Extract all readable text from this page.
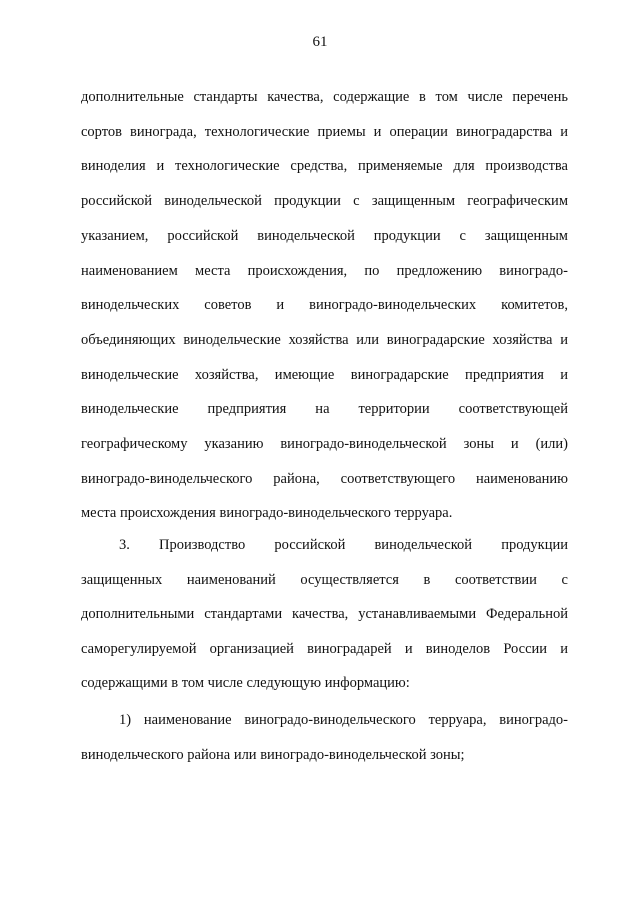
61

дополнительные стандарты качества, содержащие в том числе перечень

сортов винограда, технологические приемы и операции виноградарства и

виноделия и технологические средства, применяемые для производства

российской винодельческой продукции с защищенным географическим

указанием, российской винодельческой продукции с защищенным

наименованием места происхождения, по предложению виноградо-

винодельческих советов и виноградо-винодельческих комитетов,

объединяющих винодельческие хозяйства или виноградарские хозяйства и

винодельческие хозяйства, имеющие виноградарские предприятия и

винодельческие предприятия на территории соответствующей

географическому указанию виноградо-винодельческой зоны и (или)

виноградо-винодельческого района, соответствующего наименованию

места происхождения виноградо-винодельческого терруара.

3. Производство российской винодельческой продукции

защищенных наименований осуществляется в соответствии с

дополнительными стандартами качества, устанавливаемыми Федеральной

саморегулируемой организацией виноградарей и виноделов России и

содержащими в том числе следующую информацию:

1) наименование виноградо-винодельческого терруара, виноградо-

винодельческого района или виноградо-винодельческой зоны;
